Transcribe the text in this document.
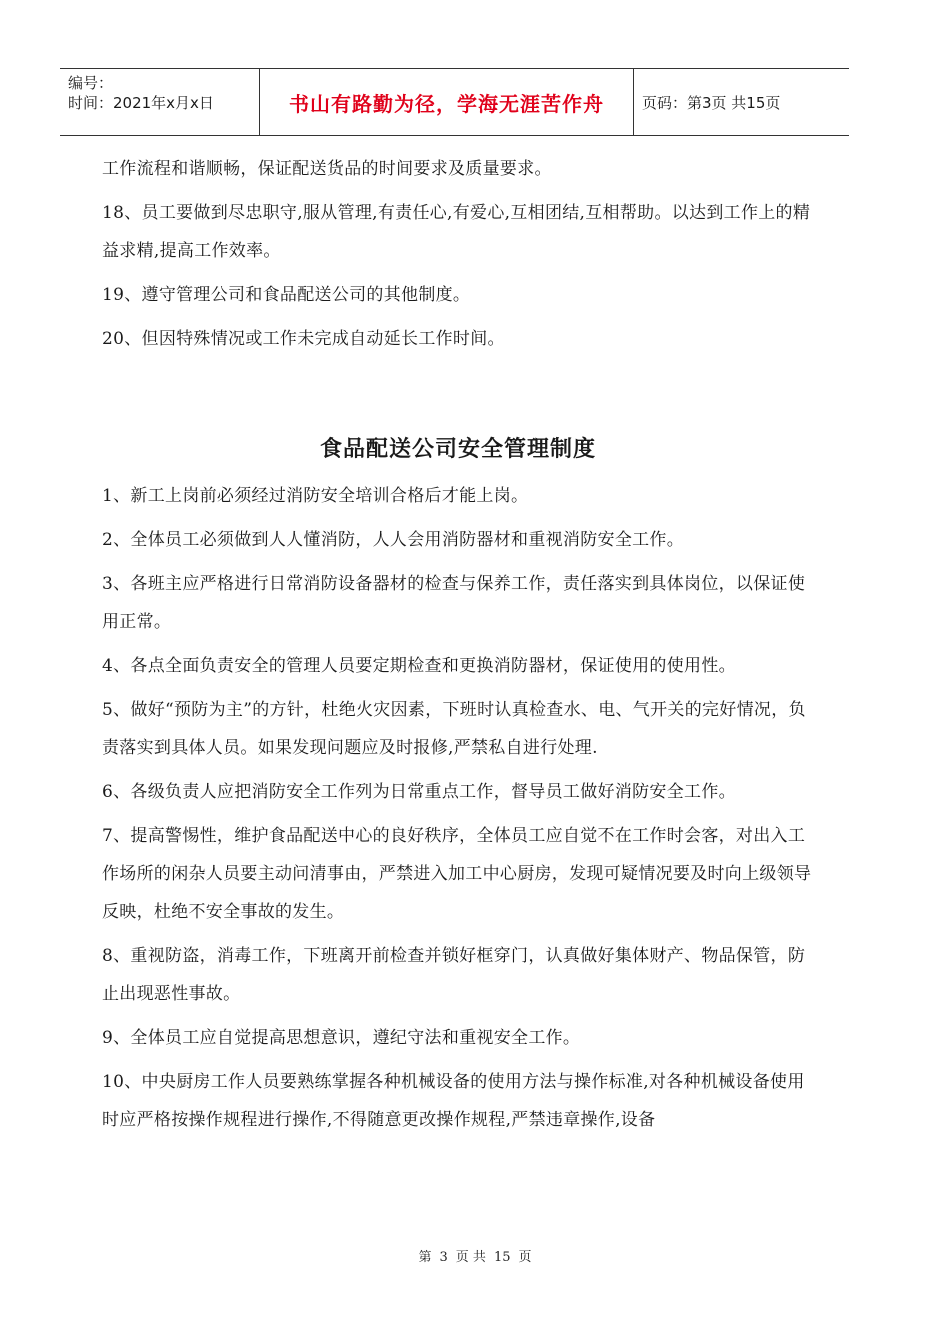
编号：
时间：2021年x月x日	书山有路勤为径，学海无涯苦作舟	页码：第3页 共15页

工作流程和谐顺畅，保证配送货品的时间要求及质量要求。

18、员工要做到尽忠职守,服从管理,有责任心,有爱心,互相团结,互相帮助。以达到工作上的精益求精,提高工作效率。

19、遵守管理公司和食品配送公司的其他制度。

20、但因特殊情况或工作未完成自动延长工作时间。

食品配送公司安全管理制度

1、新工上岗前必须经过消防安全培训合格后才能上岗。

2、全体员工必须做到人人懂消防，人人会用消防器材和重视消防安全工作。

3、各班主应严格进行日常消防设备器材的检查与保养工作，责任落实到具体岗位，以保证使用正常。

4、各点全面负责安全的管理人员要定期检查和更换消防器材，保证使用的使用性。

5、做好“预防为主”的方针，杜绝火灾因素，下班时认真检查水、电、气开关的完好情况，负责落实到具体人员。如果发现问题应及时报修,严禁私自进行处理.

6、各级负责人应把消防安全工作列为日常重点工作，督导员工做好消防安全工作。

7、提高警惕性，维护食品配送中心的良好秩序，全体员工应自觉不在工作时会客，对出入工作场所的闲杂人员要主动问清事由，严禁进入加工中心厨房，发现可疑情况要及时向上级领导反映，杜绝不安全事故的发生。

8、重视防盗，消毒工作，下班离开前检查并锁好框穿门，认真做好集体财产、物品保管，防止出现恶性事故。

9、全体员工应自觉提高思想意识，遵纪守法和重视安全工作。

10、中央厨房工作人员要熟练掌握各种机械设备的使用方法与操作标准,对各种机械设备使用时应严格按操作规程进行操作,不得随意更改操作规程,严禁违章操作,设备

第 3 页 共 15 页
